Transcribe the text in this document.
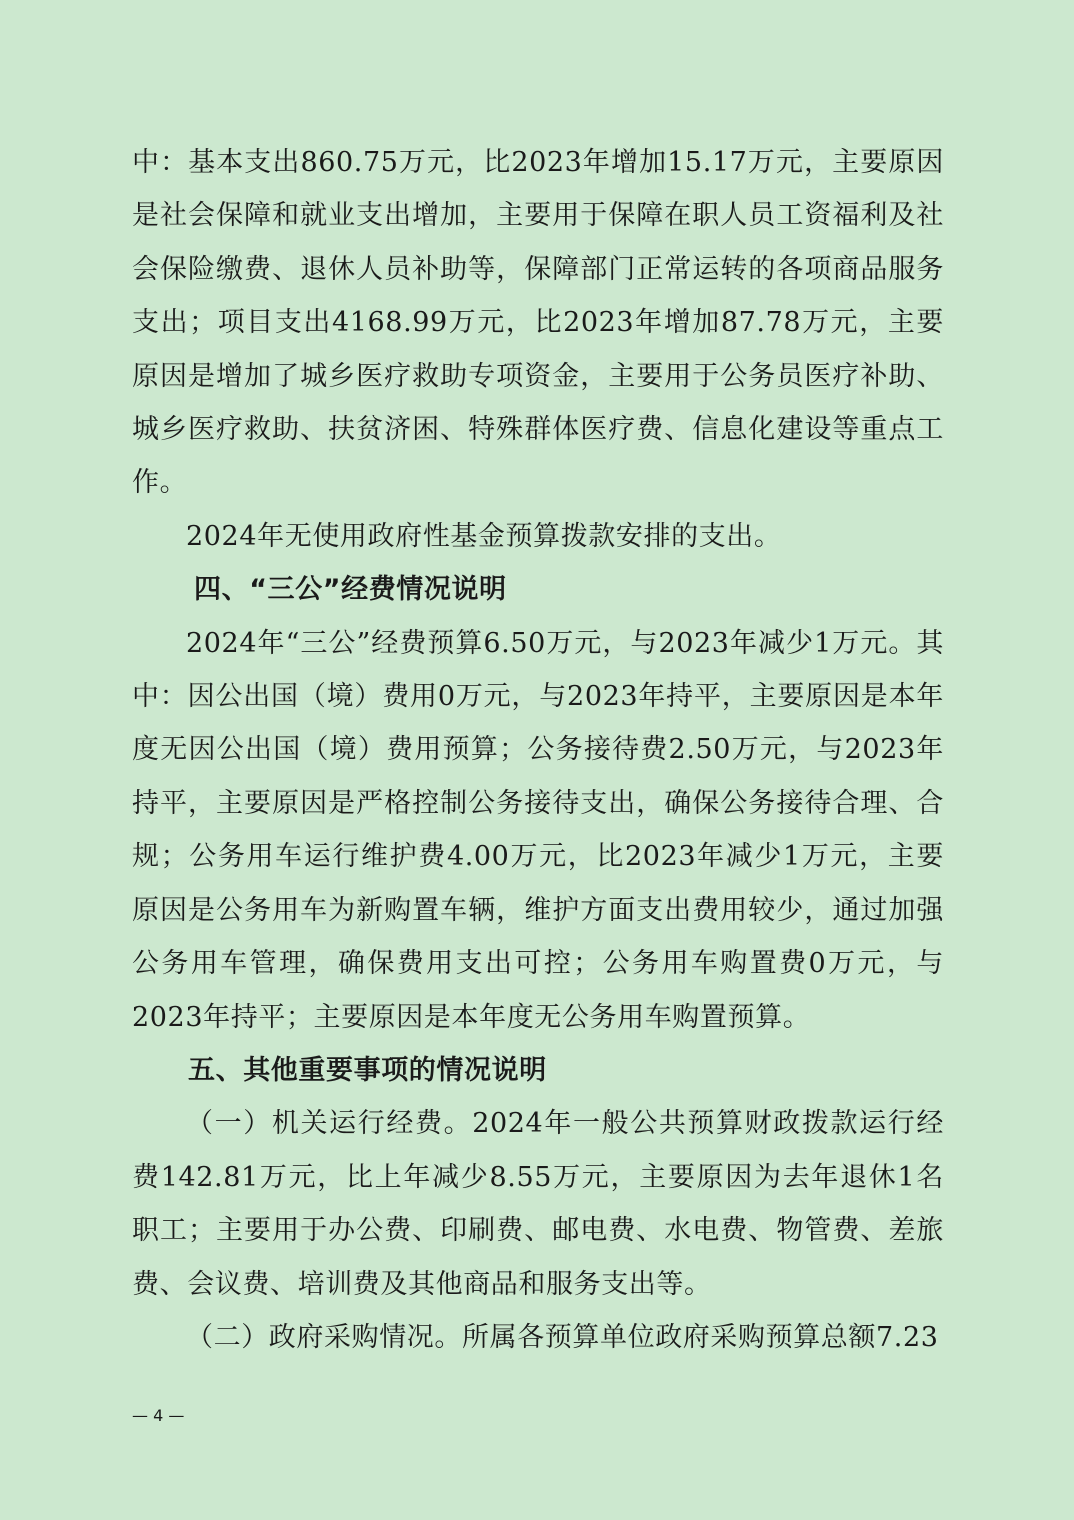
中：基本支出860.75万元，比2023年增加15.17万元，主要原因是社会保障和就业支出增加，主要用于保障在职人员工资福利及社会保险缴费、退休人员补助等，保障部门正常运转的各项商品服务支出；项目支出4168.99万元，比2023年增加87.78万元，主要原因是增加了城乡医疗救助专项资金，主要用于公务员医疗补助、城乡医疗救助、扶贫济困、特殊群体医疗费、信息化建设等重点工作。

2024年无使用政府性基金预算拨款安排的支出。

四、“三公”经费情况说明

2024年“三公”经费预算6.50万元，与2023年减少1万元。其中：因公出国（境）费用0万元，与2023年持平，主要原因是本年度无因公出国（境）费用预算；公务接待费2.50万元，与2023年持平，主要原因是严格控制公务接待支出，确保公务接待合理、合规；公务用车运行维护费4.00万元，比2023年减少1万元，主要原因是公务用车为新购置车辆，维护方面支出费用较少，通过加强公务用车管理，确保费用支出可控；公务用车购置费0万元，与2023年持平；主要原因是本年度无公务用车购置预算。

五、其他重要事项的情况说明

（一）机关运行经费。2024年一般公共预算财政拨款运行经费142.81万元，比上年减少8.55万元，主要原因为去年退休1名职工；主要用于办公费、印刷费、邮电费、水电费、物管费、差旅费、会议费、培训费及其他商品和服务支出等。

（二）政府采购情况。所属各预算单位政府采购预算总额7.23

— 4 —
